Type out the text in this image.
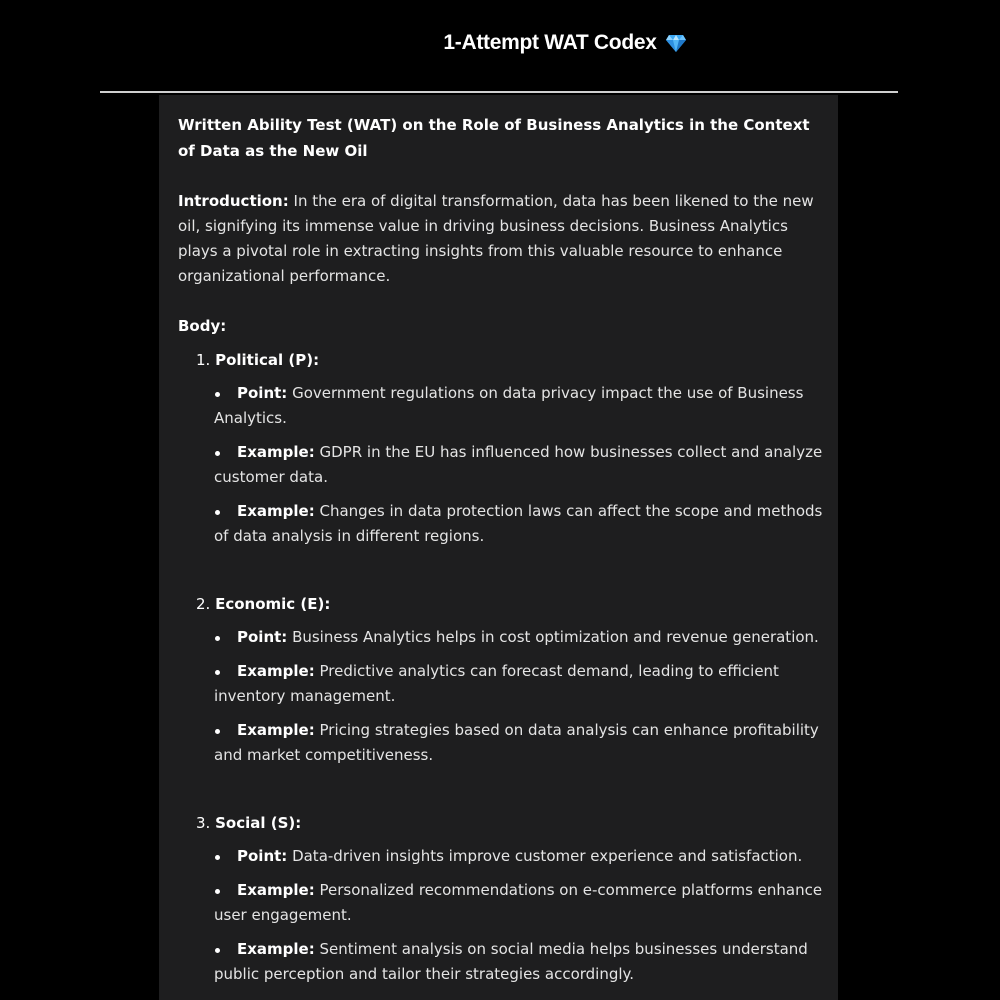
1-Attempt WAT Codex
Written Ability Test (WAT) on the Role of Business Analytics in the Context of Data as the New Oil

Introduction: In the era of digital transformation, data has been likened to the new oil, signifying its immense value in driving business decisions. Business Analytics plays a pivotal role in extracting insights from this valuable resource to enhance organizational performance.

Body:
1. Political (P):
Point: Government regulations on data privacy impact the use of Business Analytics.
Example: GDPR in the EU has influenced how businesses collect and analyze customer data.
Example: Changes in data protection laws can affect the scope and methods of data analysis in different regions.
2. Economic (E):
Point: Business Analytics helps in cost optimization and revenue generation.
Example: Predictive analytics can forecast demand, leading to efficient inventory management.
Example: Pricing strategies based on data analysis can enhance profitability and market competitiveness.
3. Social (S):
Point: Data-driven insights improve customer experience and satisfaction.
Example: Personalized recommendations on e-commerce platforms enhance user engagement.
Example: Sentiment analysis on social media helps businesses understand public perception and tailor their strategies accordingly.
